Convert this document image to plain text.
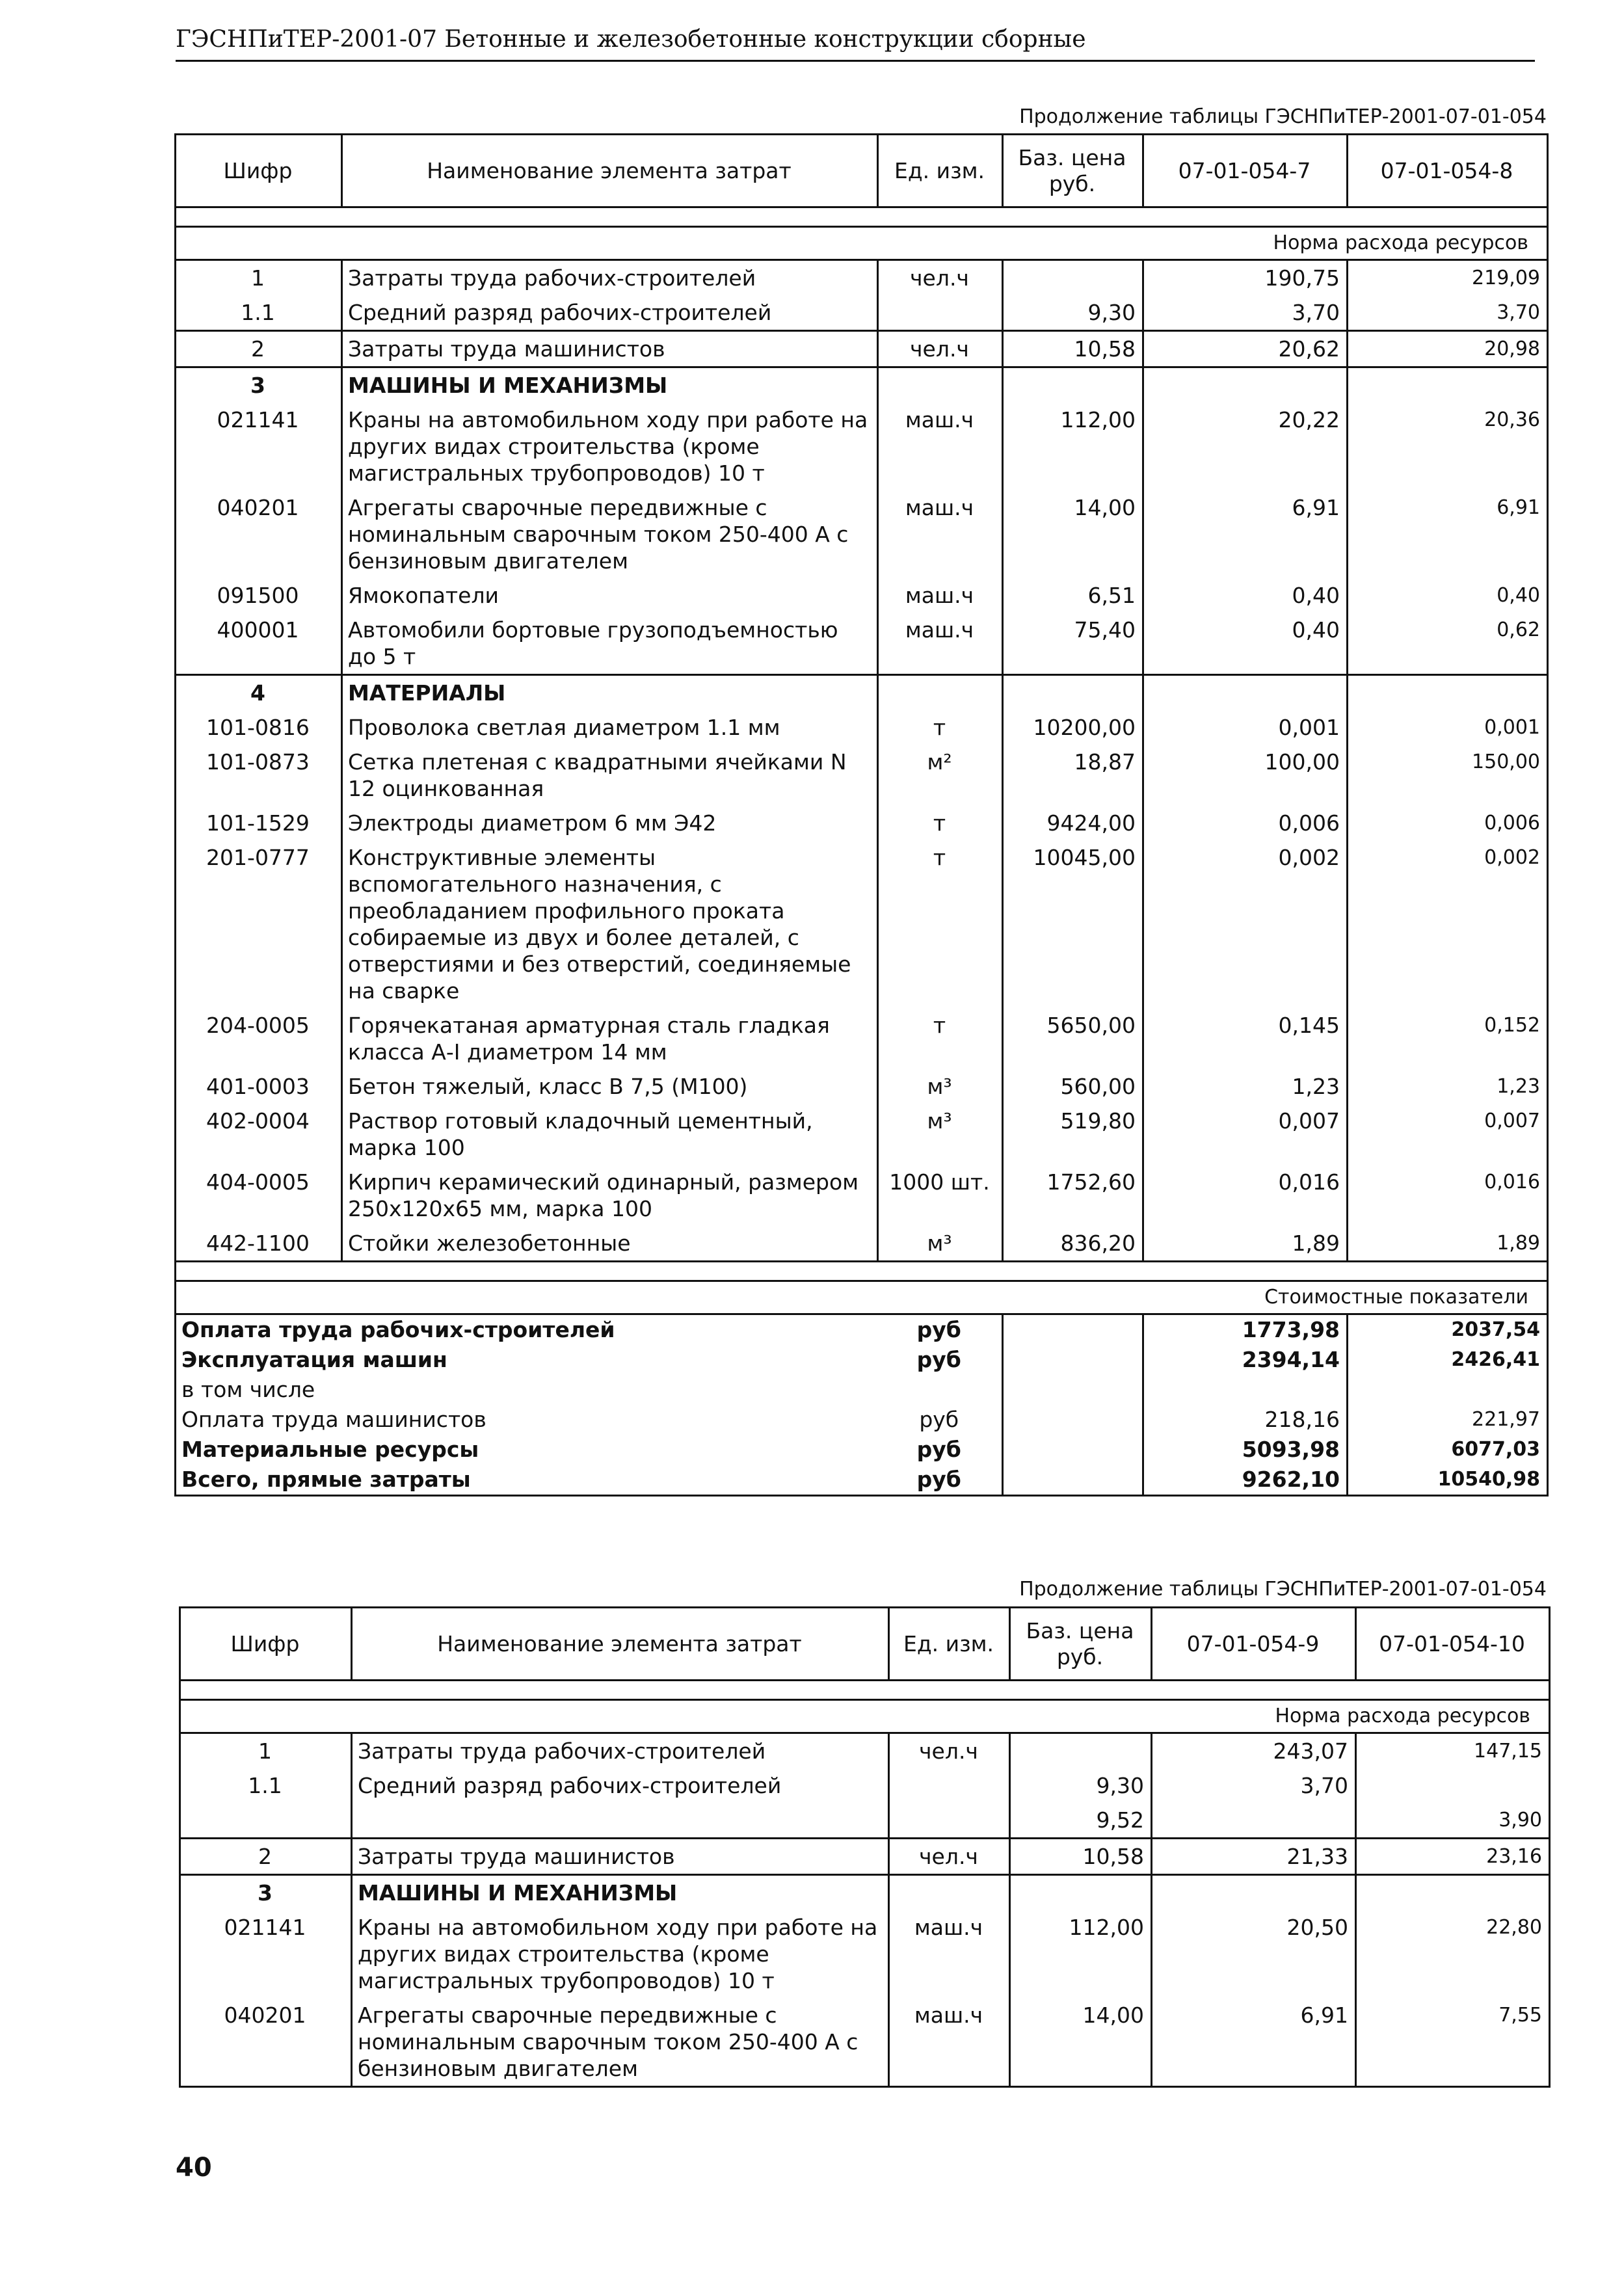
ГЭСНПиТЕР-2001-07 Бетонные и железобетонные конструкции сборные
Продолжение таблицы ГЭСНПиТЕР-2001-07-01-054
Шифр	Наименование элемента затрат	Ед. изм.	Баз. цена руб.	07-01-054-7	07-01-054-8

Норма расхода ресурсов					
1	Затраты труда рабочих-строителей	чел.ч		190,75	219,09
1.1	Средний разряд рабочих-строителей		9,30	3,70	3,70
2	Затраты труда машинистов	чел.ч	10,58	20,62	20,98
3	МАШИНЫ И МЕХАНИЗМЫ				
021141	Краны на автомобильном ходу при работе на других видах строительства (кроме магистральных трубопроводов) 10 т	маш.ч	112,00	20,22	20,36
040201	Агрегаты сварочные передвижные с номинальным сварочным током 250-400 А с бензиновым двигателем	маш.ч	14,00	6,91	6,91
091500	Ямокопатели	маш.ч	6,51	0,40	0,40
400001	Автомобили бортовые грузоподъемностью до 5 т	маш.ч	75,40	0,40	0,62
4	МАТЕРИАЛЫ				
101-0816	Проволока светлая диаметром 1.1 мм	т	10200,00	0,001	0,001
101-0873	Сетка плетеная с квадратными ячейками N 12 оцинкованная	м²	18,87	100,00	150,00
101-1529	Электроды диаметром 6 мм Э42	т	9424,00	0,006	0,006
201-0777	Конструктивные элементы вспомогательного назначения, с преобладанием профильного проката собираемые из двух и более деталей, с отверстиями и без отверстий, соединяемые на сварке	т	10045,00	0,002	0,002
204-0005	Горячекатаная арматурная сталь гладкая класса А-I диаметром 14 мм	т	5650,00	0,145	0,152
401-0003	Бетон тяжелый, класс В 7,5 (М100)	м³	560,00	1,23	1,23
402-0004	Раствор готовый кладочный цементный, марка 100	м³	519,80	0,007	0,007
404-0005	Кирпич керамический одинарный, размером 250x120x65 мм, марка 100	1000 шт.	1752,60	0,016	0,016
442-1100	Стойки железобетонные	м³	836,20	1,89	1,89

Стоимостные показатели					
Оплата труда рабочих-строителей		руб		1773,98	2037,54
Эксплуатация машин		руб		2394,14	2426,41
в том числе					
Оплата труда машинистов		руб		218,16	221,97
Материальные ресурсы		руб		5093,98	6077,03
Всего, прямые затраты		руб		9262,10	10540,98
Продолжение таблицы ГЭСНПиТЕР-2001-07-01-054
Шифр	Наименование элемента затрат	Ед. изм.	Баз. цена руб.	07-01-054-9	07-01-054-10

Норма расхода ресурсов					
1	Затраты труда рабочих-строителей	чел.ч		243,07	147,15
1.1	Средний разряд рабочих-строителей		9,30	3,70	
			9,52		3,90
2	Затраты труда машинистов	чел.ч	10,58	21,33	23,16
3	МАШИНЫ И МЕХАНИЗМЫ				
021141	Краны на автомобильном ходу при работе на других видах строительства (кроме магистральных трубопроводов) 10 т	маш.ч	112,00	20,50	22,80
040201	Агрегаты сварочные передвижные с номинальным сварочным током 250-400 А с бензиновым двигателем	маш.ч	14,00	6,91	7,55
40
